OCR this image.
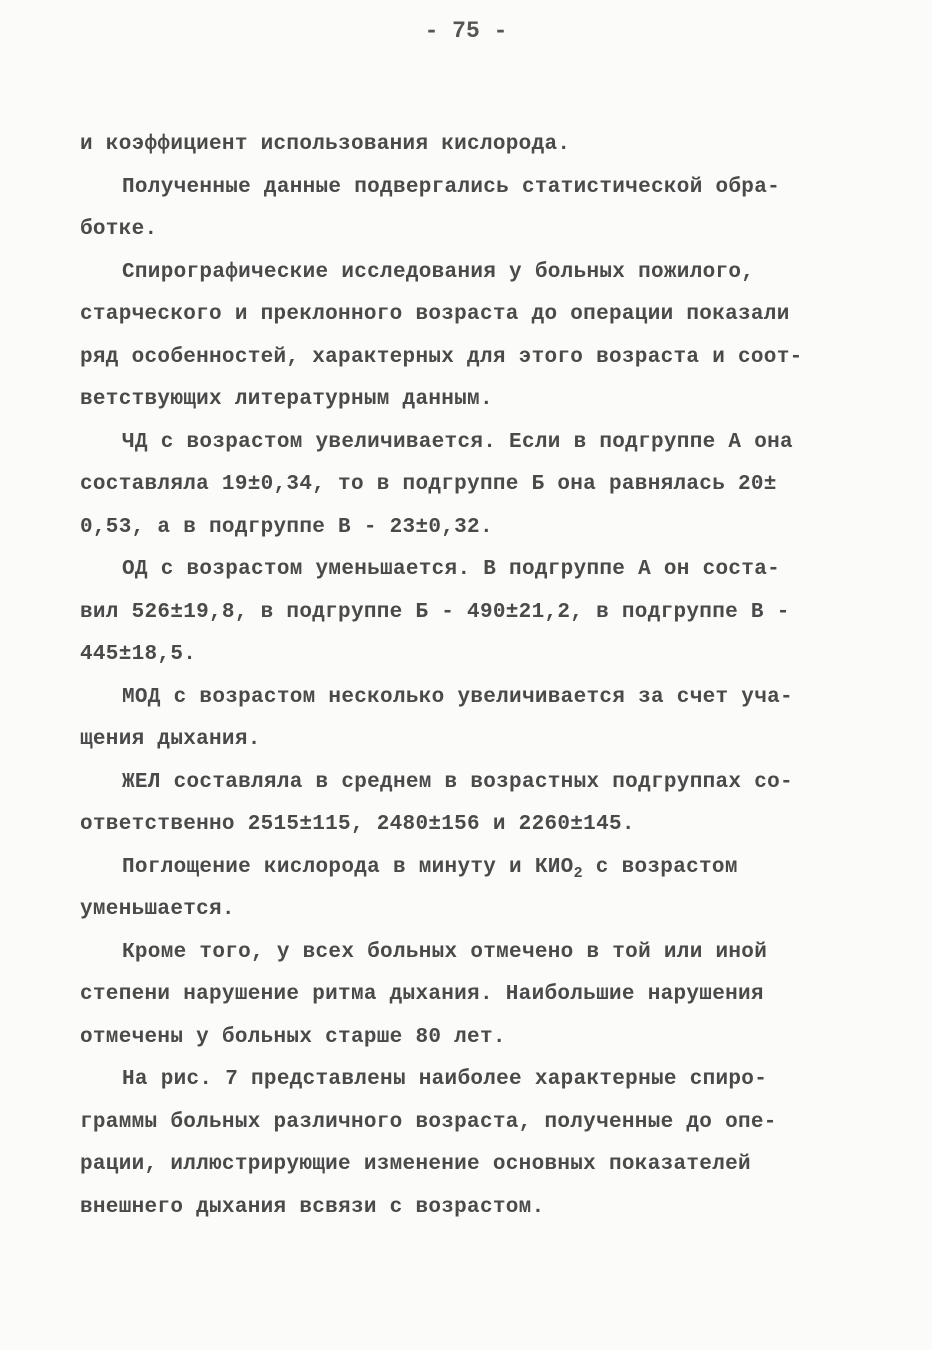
- 75 -
и коэффициент использования кислорода.
Полученные данные подвергались статистической обра-
ботке.
Спирографические исследования у больных пожилого,
старческого и преклонного возраста до операции показали
ряд особенностей, характерных для этого возраста и соот-
ветствующих литературным данным.
ЧД с возрастом увеличивается. Если в подгруппе А она
составляла 19±0,34, то в подгруппе Б она равнялась 20±
0,53, а в подгруппе В - 23±0,32.
ОД с возрастом уменьшается. В подгруппе А он соста-
вил 526±19,8, в подгруппе Б - 490±21,2, в подгруппе В -
445±18,5.
МОД с возрастом несколько увеличивается за счет уча-
щения дыхания.
ЖЕЛ составляла в среднем в возрастных подгруппах со-
ответственно 2515±115, 2480±156 и 2260±145.
Поглощение кислорода в минуту и $КИО_2$ с возрастом
уменьшается.
Кроме того, у всех больных отмечено в той или иной
степени нарушение ритма дыхания. Наибольшие нарушения
отмечены у больных старше 80 лет.
На рис. 7 представлены наиболее характерные спиро-
граммы больных различного возраста, полученные до опе-
рации, иллюстрирующие изменение основных показателей
внешнего дыхания всвязи с возрастом.
